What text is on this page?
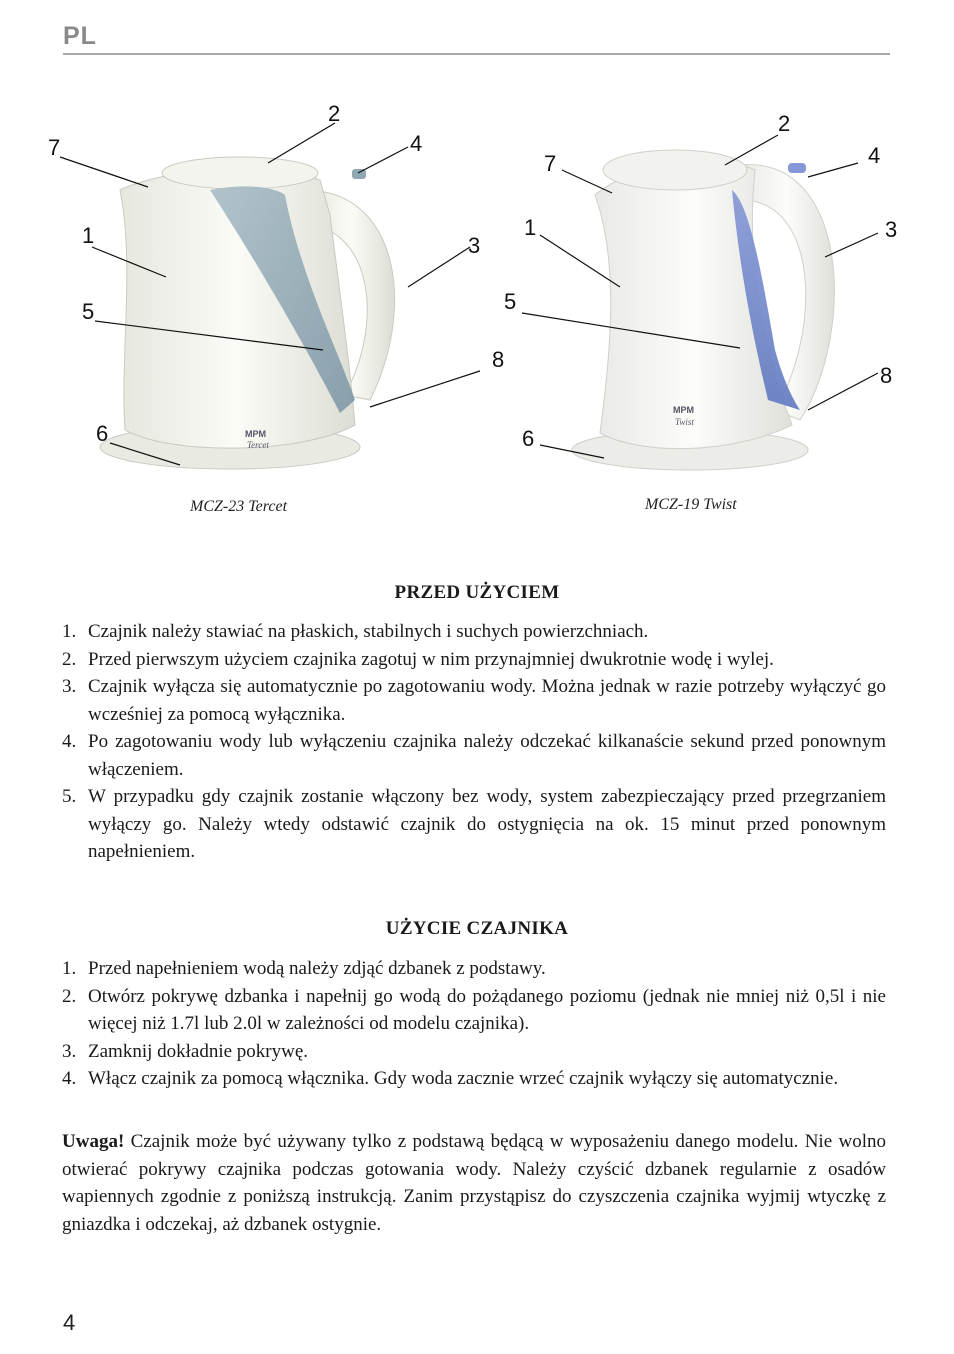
PL
MPM
Tercet
2
7	4
1	3
5
8
6
MCZ-23 Tercet
MPM
Twist
2
7	4
1	3
5
8
6
MCZ-19 Twist
PRZED UŻYCIEM
1. Czajnik należy stawiać na płaskich, stabilnych i suchych powierzchniach.
2. Przed pierwszym użyciem czajnika zagotuj w nim przynajmniej dwukrotnie wodę i wylej.
3. Czajnik wyłącza się automatycznie po zagotowaniu wody. Można jednak w razie potrzeby wyłączyć go wcześniej za pomocą wyłącznika.
4. Po zagotowaniu wody lub wyłączeniu czajnika należy odczekać kilkanaście sekund przed ponownym włączeniem.
5. W przypadku gdy czajnik zostanie włączony bez wody, system zabezpieczający przed przegrzaniem wyłączy go. Należy wtedy odstawić czajnik do ostygnięcia na ok. 15 minut przed ponownym napełnieniem.
UŻYCIE CZAJNIKA
1. Przed napełnieniem wodą należy zdjąć dzbanek z podstawy.
2. Otwórz pokrywę dzbanka i napełnij go wodą do pożądanego poziomu (jednak nie mniej niż 0,5l i nie więcej niż 1.7l lub 2.0l w zależności od modelu czajnika).
3. Zamknij dokładnie pokrywę.
4. Włącz czajnik za pomocą włącznika. Gdy woda zacznie wrzeć czajnik wyłączy się automatycznie.

Uwaga! Czajnik może być używany tylko z podstawą będącą w wyposażeniu danego modelu. Nie wolno otwierać pokrywy czajnika podczas gotowania wody. Należy czyścić dzbanek regularnie z osadów wapiennych zgodnie z poniższą instrukcją. Zanim przystąpisz do czyszczenia czajnika wyjmij wtyczkę z gniazdka i odczekaj, aż dzbanek ostygnie.

4
